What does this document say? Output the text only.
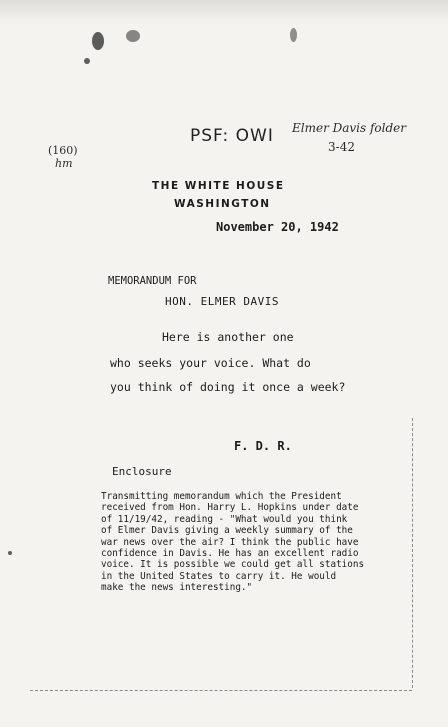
(160)
hm
PSF: OWI Elmer Davis folder
3-42
THE WHITE HOUSE
WASHINGTON
November 20, 1942
MEMORANDUM FOR
HON. ELMER DAVIS
Here is another one
who seeks your voice. What do
you think of doing it once a week?
F. D. R.
Enclosure
Transmitting memorandum which the President
received from Hon. Harry L. Hopkins under date
of 11/19/42, reading - "What would you think
of Elmer Davis giving a weekly summary of the
war news over the air? I think the public have
confidence in Davis. He has an excellent radio
voice. It is possible we could get all stations
in the United States to carry it. He would
make the news interesting."
